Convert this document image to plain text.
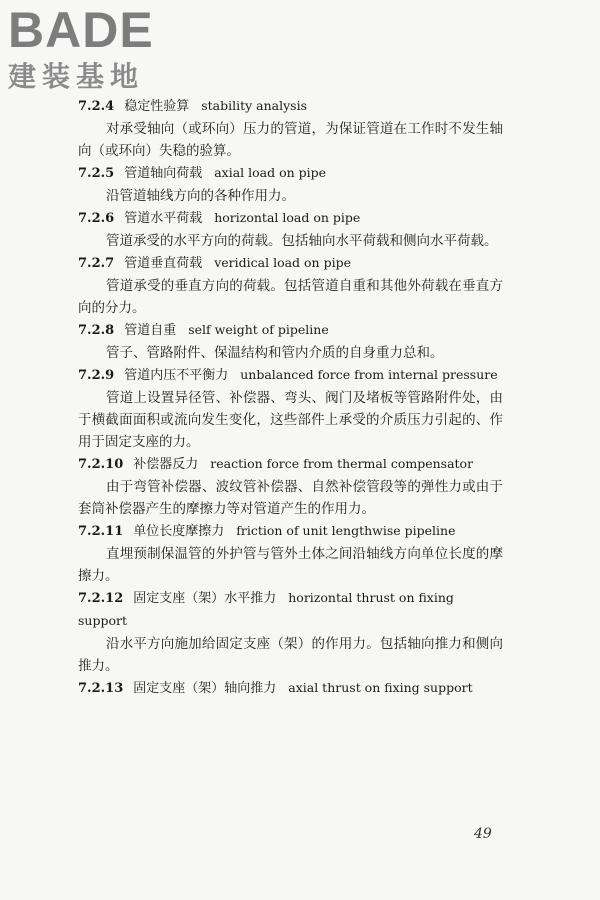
BADE
建装基地
7.2.4 稳定性验算 stability analysis
对承受轴向（或环向）压力的管道，为保证管道在工作时不发生轴向（或环向）失稳的验算。
7.2.5 管道轴向荷载 axial load on pipe
沿管道轴线方向的各种作用力。
7.2.6 管道水平荷载 horizontal load on pipe
管道承受的水平方向的荷载。包括轴向水平荷载和侧向水平荷载。
7.2.7 管道垂直荷载 veridical load on pipe
管道承受的垂直方向的荷载。包括管道自重和其他外荷载在垂直方向的分力。
7.2.8 管道自重 self weight of pipeline
管子、管路附件、保温结构和管内介质的自身重力总和。
7.2.9 管道内压不平衡力 unbalanced force from internal pressure
管道上设置异径管、补偿器、弯头、阀门及堵板等管路附件处，由于横截面面积或流向发生变化，这些部件上承受的介质压力引起的、作用于固定支座的力。
7.2.10 补偿器反力 reaction force from thermal compensator
由于弯管补偿器、波纹管补偿器、自然补偿管段等的弹性力或由于套筒补偿器产生的摩擦力等对管道产生的作用力。
7.2.11 单位长度摩擦力 friction of unit lengthwise pipeline
直埋预制保温管的外护管与管外土体之间沿轴线方向单位长度的摩擦力。
7.2.12 固定支座（架）水平推力 horizontal thrust on fixing support
沿水平方向施加给固定支座（架）的作用力。包括轴向推力和侧向推力。
7.2.13 固定支座（架）轴向推力 axial thrust on fixing support
49
